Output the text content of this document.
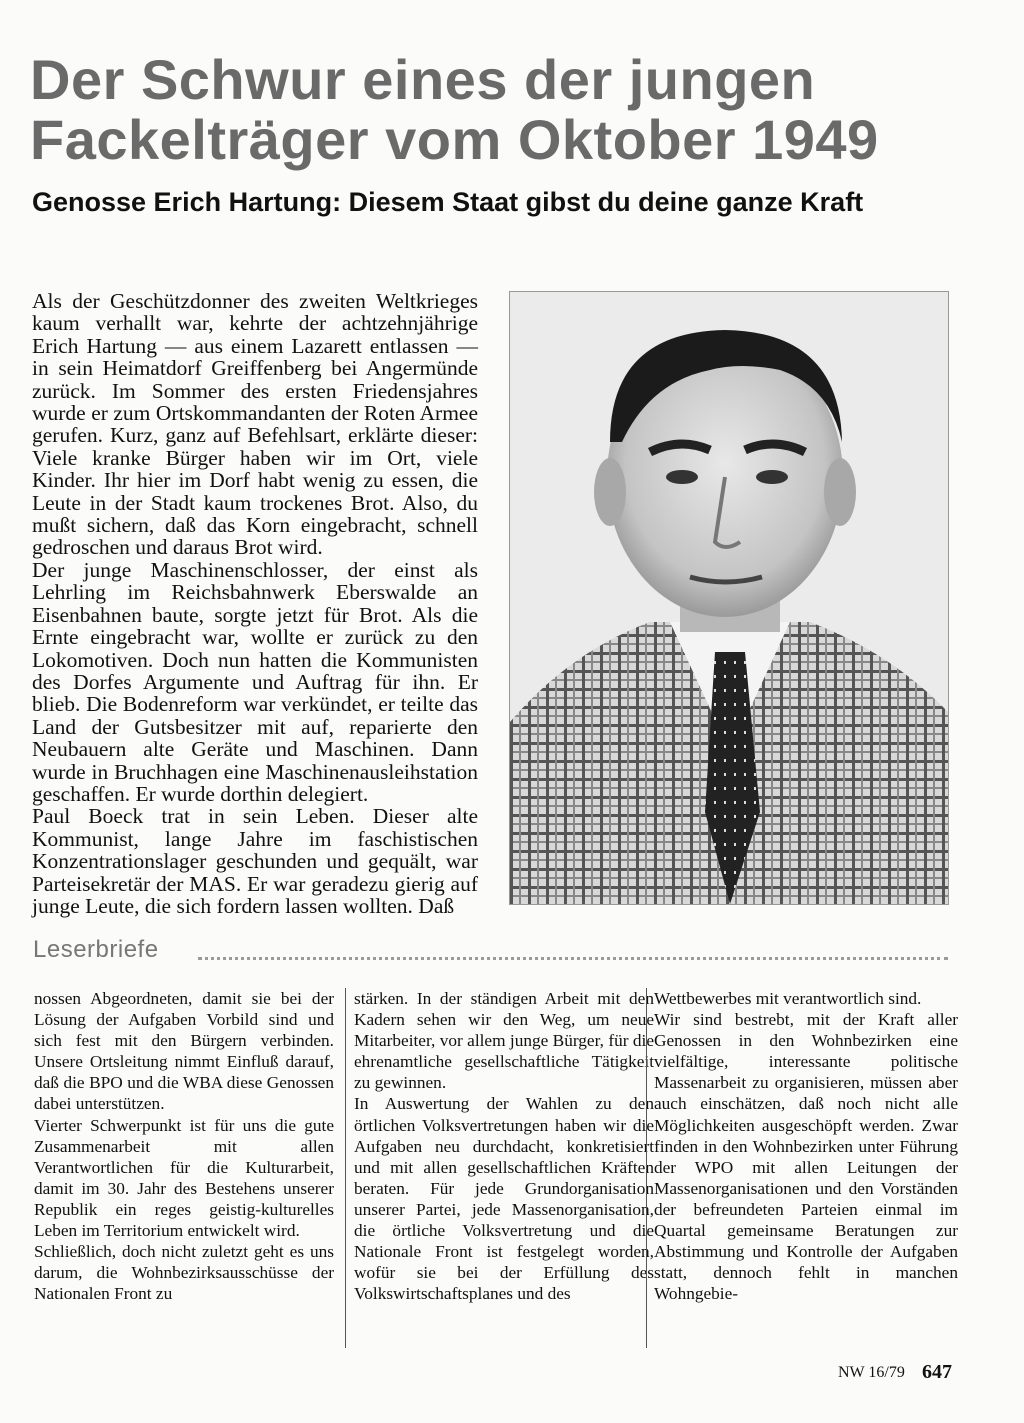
Der Schwur eines der jungen
Fackelträger vom Oktober 1949
Genosse Erich Hartung: Diesem Staat gibst du deine ganze Kraft

Als der Geschützdonner des zweiten Weltkrieges kaum verhallt war, kehrte der achtzehnjährige Erich Hartung — aus einem Lazarett entlassen — in sein Heimatdorf Greiffenberg bei Angermünde zurück. Im Sommer des ersten Friedensjahres wurde er zum Ortskommandanten der Roten Armee gerufen. Kurz, ganz auf Befehlsart, erklärte dieser: Viele kranke Bürger haben wir im Ort, viele Kinder. Ihr hier im Dorf habt wenig zu essen, die Leute in der Stadt kaum trockenes Brot. Also, du mußt sichern, daß das Korn eingebracht, schnell gedroschen und daraus Brot wird.

Der junge Maschinenschlosser, der einst als Lehrling im Reichsbahnwerk Eberswalde an Eisenbahnen baute, sorgte jetzt für Brot. Als die Ernte eingebracht war, wollte er zurück zu den Lokomotiven. Doch nun hatten die Kommunisten des Dorfes Argumente und Auftrag für ihn. Er blieb. Die Bodenreform war verkündet, er teilte das Land der Gutsbesitzer mit auf, reparierte den Neubauern alte Geräte und Maschinen. Dann wurde in Bruchhagen eine Maschinenausleihstation geschaffen. Er wurde dorthin delegiert.

Paul Boeck trat in sein Leben. Dieser alte Kommunist, lange Jahre im faschistischen Konzentrationslager geschunden und gequält, war Parteisekretär der MAS. Er war geradezu gierig auf junge Leute, die sich fordern lassen wollten. Daß

Leserbriefe

nossen Abgeordneten, damit sie bei der Lösung der Aufgaben Vorbild sind und sich fest mit den Bürgern verbinden. Unsere Ortsleitung nimmt Einfluß darauf, daß die BPO und die WBA diese Genossen dabei unterstützen.

Vierter Schwerpunkt ist für uns die gute Zusammenarbeit mit allen Verantwortlichen für die Kulturarbeit, damit im 30. Jahr des Bestehens unserer Republik ein reges geistig-kulturelles Leben im Territorium entwickelt wird.

Schließlich, doch nicht zuletzt geht es uns darum, die Wohnbezirksausschüsse der Nationalen Front zu

stärken. In der ständigen Arbeit mit den Kadern sehen wir den Weg, um neue Mitarbeiter, vor allem junge Bürger, für die ehrenamtliche gesellschaftliche Tätigkeit zu gewinnen.

In Auswertung der Wahlen zu den örtlichen Volksvertretungen haben wir die Aufgaben neu durchdacht, konkretisiert und mit allen gesellschaftlichen Kräften beraten. Für jede Grundorganisation unserer Partei, jede Massenorganisation, die örtliche Volksvertretung und die Nationale Front ist festgelegt worden, wofür sie bei der Erfüllung des Volkswirtschaftsplanes und des

Wettbewerbes mit verantwortlich sind.

Wir sind bestrebt, mit der Kraft aller Genossen in den Wohnbezirken eine vielfältige, interessante politische Massenarbeit zu organisieren, müssen aber auch einschätzen, daß noch nicht alle Möglichkeiten ausgeschöpft werden. Zwar finden in den Wohnbezirken unter Führung der WPO mit allen Leitungen der Massenorganisationen und den Vorständen der befreundeten Parteien einmal im Quartal gemeinsame Beratungen zur Abstimmung und Kontrolle der Aufgaben statt, dennoch fehlt in manchen Wohngebie-

NW 16/79 647
